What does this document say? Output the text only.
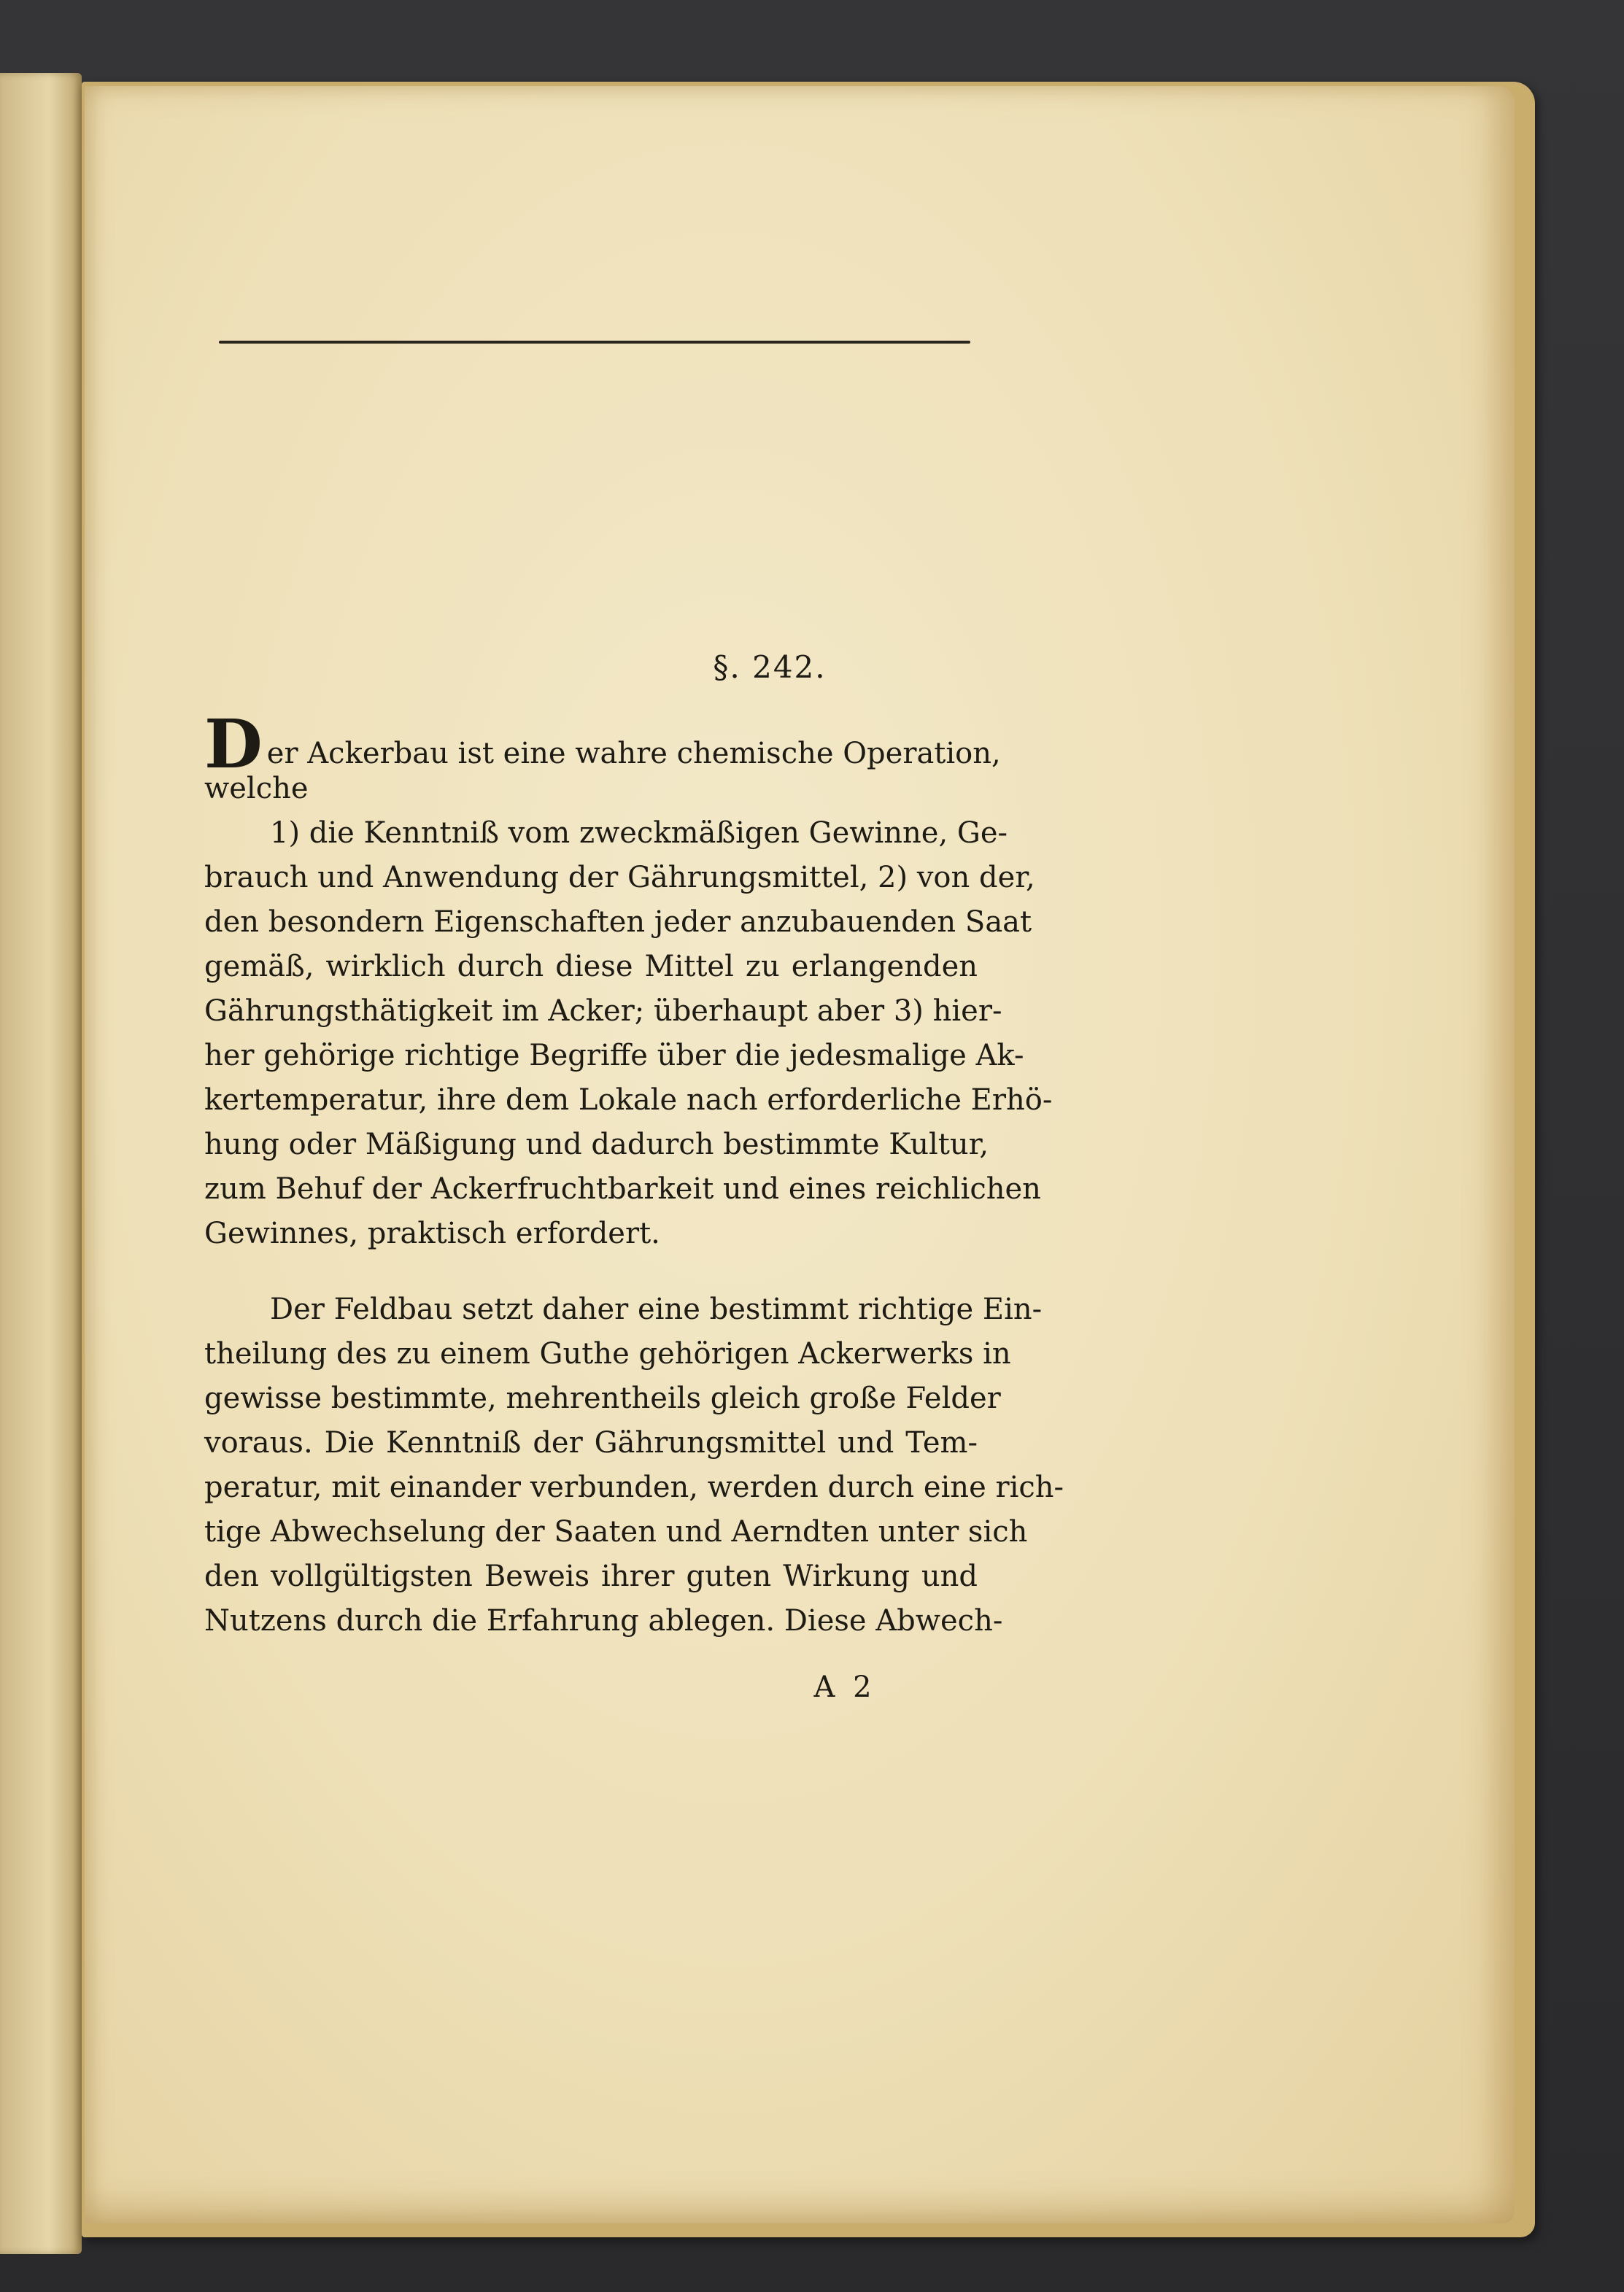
§. 242.
Der Ackerbau ist eine wahre chemische Operation,
welche
1) die Kenntniß vom zweckmäßigen Gewinne, Ge-
brauch und Anwendung der Gährungsmittel, 2) von der,
den besondern Eigenschaften jeder anzubauenden Saat
gemäß, wirklich durch diese Mittel zu erlangenden
Gährungsthätigkeit im Acker; überhaupt aber 3) hier-
her gehörige richtige Begriffe über die jedesmalige Ak-
kertemperatur, ihre dem Lokale nach erforderliche Erhö-
hung oder Mäßigung und dadurch bestimmte Kultur,
zum Behuf der Ackerfruchtbarkeit und eines reichlichen
Gewinnes, praktisch erfordert.
Der Feldbau setzt daher eine bestimmt richtige Ein-
theilung des zu einem Guthe gehörigen Ackerwerks in
gewisse bestimmte, mehrentheils gleich große Felder
voraus. Die Kenntniß der Gährungsmittel und Tem-
peratur, mit einander verbunden, werden durch eine rich-
tige Abwechselung der Saaten und Aerndten unter sich
den vollgültigsten Beweis ihrer guten Wirkung und
Nutzens durch die Erfahrung ablegen. Diese Abwech-
A 2
